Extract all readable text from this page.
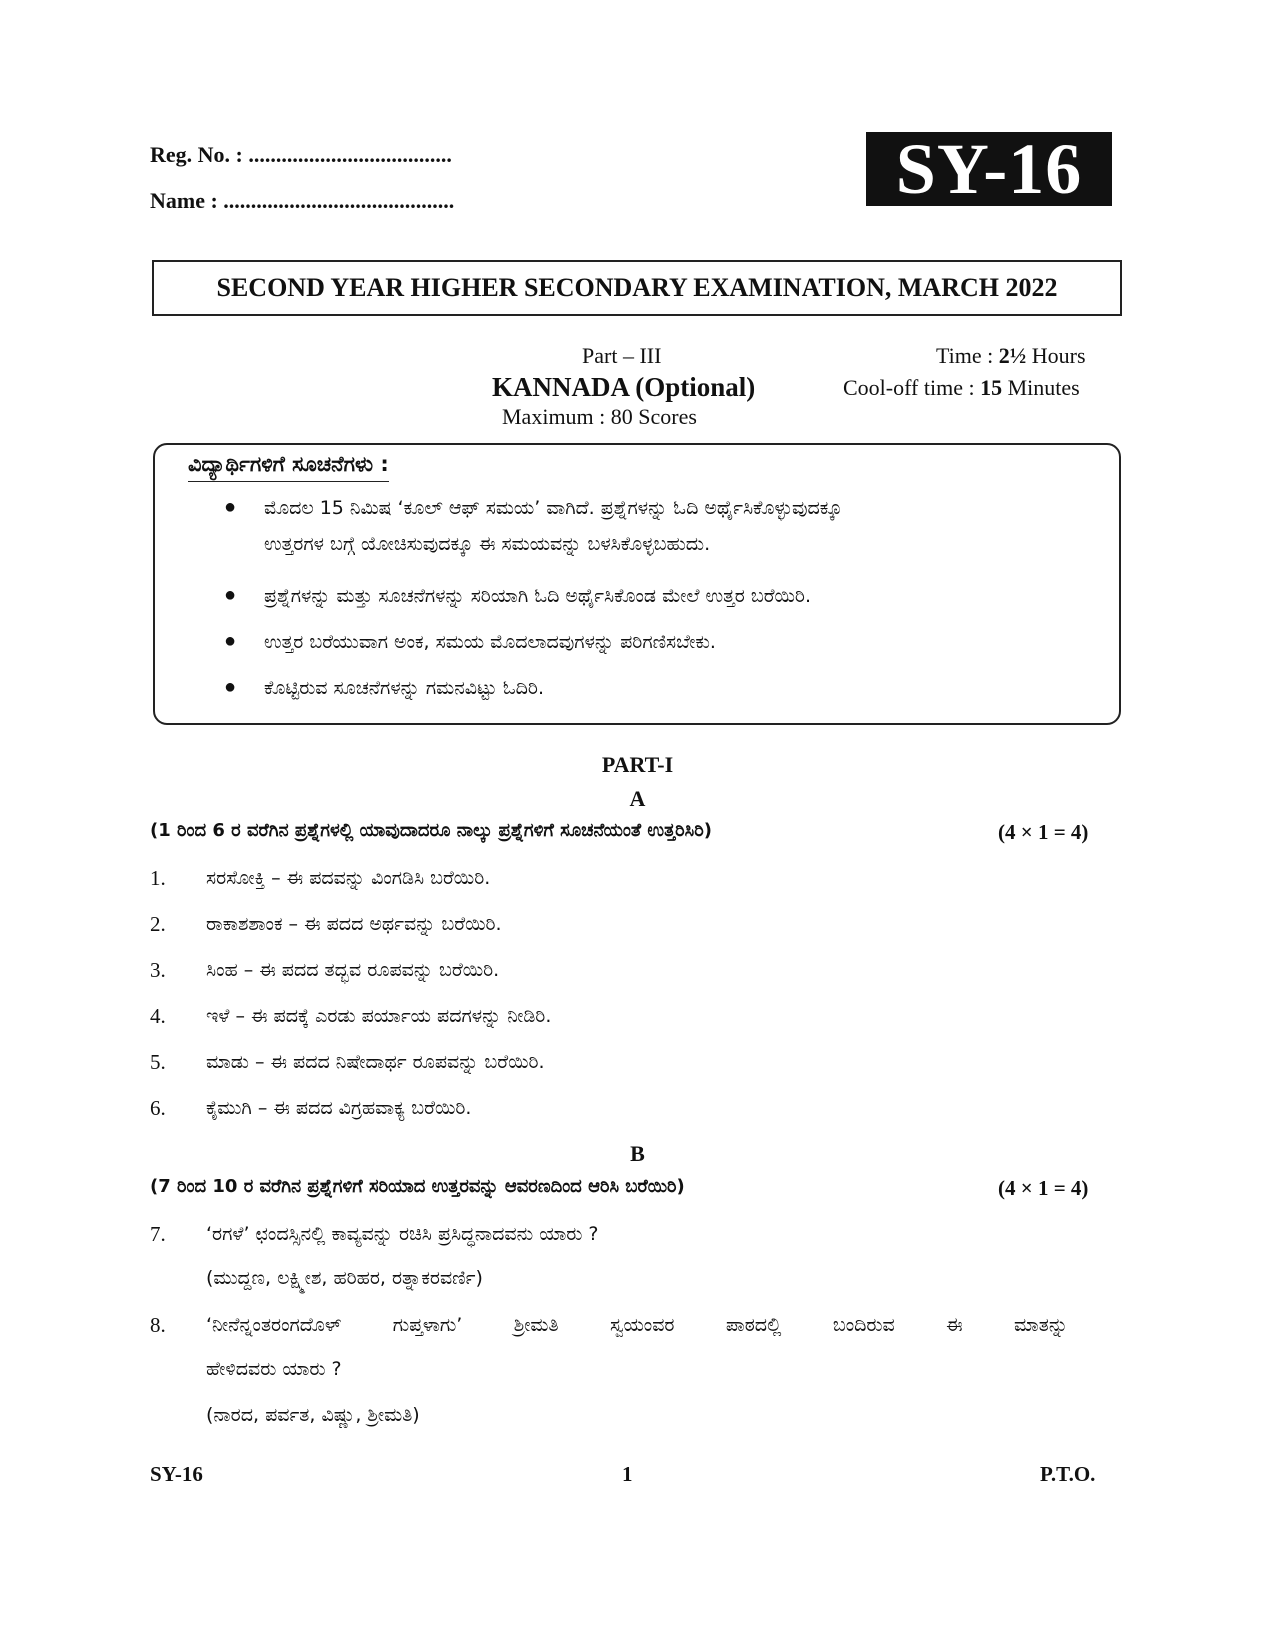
Reg. No. : .....................................
Name : ..........................................	SY-16
SECOND YEAR HIGHER SECONDARY EXAMINATION, MARCH 2022
Part – III
KANNADA (Optional)
Maximum : 80 Scores
Time : 2½ Hours
Cool-off time : 15 Minutes
ವಿದ್ಯಾರ್ಥಿಗಳಿಗೆ ಸೂಚನೆಗಳು :
● ಮೊದಲ 15 ನಿಮಿಷ ‘ಕೂಲ್ ಆಫ್ ಸಮಯ’ ವಾಗಿದೆ. ಪ್ರಶ್ನೆಗಳನ್ನು ಓದಿ ಅರ್ಥೈಸಿಕೊಳ್ಳುವುದಕ್ಕೂ
ಉತ್ತರಗಳ ಬಗ್ಗೆ ಯೋಚಿಸುವುದಕ್ಕೂ ಈ ಸಮಯವನ್ನು ಬಳಸಿಕೊಳ್ಳಬಹುದು.
● ಪ್ರಶ್ನೆಗಳನ್ನು ಮತ್ತು ಸೂಚನೆಗಳನ್ನು ಸರಿಯಾಗಿ ಓದಿ ಅರ್ಥೈಸಿಕೊಂಡ ಮೇಲೆ ಉತ್ತರ ಬರೆಯಿರಿ.
● ಉತ್ತರ ಬರೆಯುವಾಗ ಅಂಕ, ಸಮಯ ಮೊದಲಾದವುಗಳನ್ನು ಪರಿಗಣಿಸಬೇಕು.
● ಕೊಟ್ಟಿರುವ ಸೂಚನೆಗಳನ್ನು ಗಮನವಿಟ್ಟು ಓದಿರಿ.
PART-I
A
(1 ರಿಂದ 6 ರ ವರೆಗಿನ ಪ್ರಶ್ನೆಗಳಲ್ಲಿ ಯಾವುದಾದರೂ ನಾಲ್ಕು ಪ್ರಶ್ನೆಗಳಿಗೆ ಸೂಚನೆಯಂತೆ ಉತ್ತರಿಸಿರಿ)	(4 × 1 = 4)
1. ಸರಸೋಕ್ತಿ – ಈ ಪದವನ್ನು ವಿಂಗಡಿಸಿ ಬರೆಯಿರಿ.
2. ರಾಕಾಶಶಾಂಕ – ಈ ಪದದ ಅರ್ಥವನ್ನು ಬರೆಯಿರಿ.
3. ಸಿಂಹ – ಈ ಪದದ ತದ್ಭವ ರೂಪವನ್ನು ಬರೆಯಿರಿ.
4. ಇಳೆ – ಈ ಪದಕ್ಕೆ ಎರಡು ಪರ್ಯಾಯ ಪದಗಳನ್ನು ನೀಡಿರಿ.
5. ಮಾಡು – ಈ ಪದದ ನಿಷೇದಾರ್ಥ ರೂಪವನ್ನು ಬರೆಯಿರಿ.
6. ಕೈಮುಗಿ – ಈ ಪದದ ವಿಗ್ರಹವಾಕ್ಯ ಬರೆಯಿರಿ.
B
(7 ರಿಂದ 10 ರ ವರೆಗಿನ ಪ್ರಶ್ನೆಗಳಿಗೆ ಸರಿಯಾದ ಉತ್ತರವನ್ನು ಆವರಣದಿಂದ ಆರಿಸಿ ಬರೆಯಿರಿ)	(4 × 1 = 4)
7. ‘ರಗಳೆ’ ಛಂದಸ್ಸಿನಲ್ಲಿ ಕಾವ್ಯವನ್ನು ರಚಿಸಿ ಪ್ರಸಿದ್ಧನಾದವನು ಯಾರು ?
(ಮುದ್ದಣ, ಲಕ್ಷ್ಮೀಶ, ಹರಿಹರ, ರತ್ನಾಕರವರ್ಣಿ)
8. ‘ನೀನೆನ್ನಂತರಂಗದೊಳ್ ಗುಪ್ತಳಾಗು’ ಶ್ರೀಮತಿ ಸ್ವಯಂವರ ಪಾಠದಲ್ಲಿ ಬಂದಿರುವ ಈ ಮಾತನ್ನು
ಹೇಳಿದವರು ಯಾರು ?
(ನಾರದ, ಪರ್ವತ, ವಿಷ್ಣು, ಶ್ರೀಮತಿ)
SY-16	1	P.T.O.
